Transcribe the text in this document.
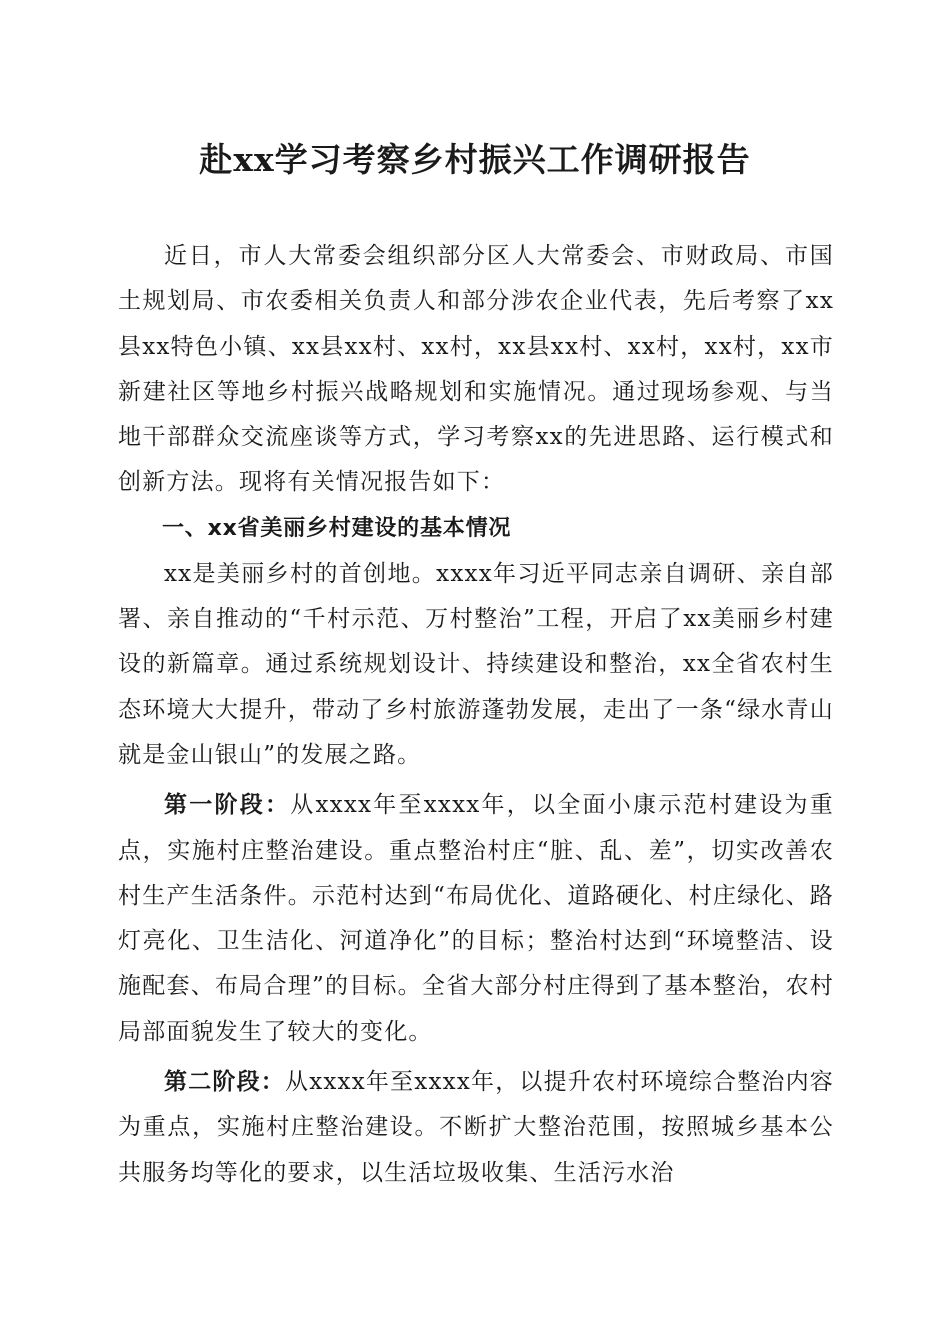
赴xx学习考察乡村振兴工作调研报告

近日，市人大常委会组织部分区人大常委会、市财政局、市国土规划局、市农委相关负责人和部分涉农企业代表，先后考察了xx县xx特色小镇、xx县xx村、xx村，xx县xx村、xx村，xx村，xx市新建社区等地乡村振兴战略规划和实施情况。通过现场参观、与当地干部群众交流座谈等方式，学习考察xx的先进思路、运行模式和创新方法。现将有关情况报告如下：

一、xx省美丽乡村建设的基本情况

xx是美丽乡村的首创地。xxxx年习近平同志亲自调研、亲自部署、亲自推动的“千村示范、万村整治”工程，开启了xx美丽乡村建设的新篇章。通过系统规划设计、持续建设和整治，xx全省农村生态环境大大提升，带动了乡村旅游蓬勃发展，走出了一条“绿水青山就是金山银山”的发展之路。

第一阶段：从xxxx年至xxxx年，以全面小康示范村建设为重点，实施村庄整治建设。重点整治村庄“脏、乱、差”，切实改善农村生产生活条件。示范村达到“布局优化、道路硬化、村庄绿化、路灯亮化、卫生洁化、河道净化”的目标；整治村达到“环境整洁、设施配套、布局合理”的目标。全省大部分村庄得到了基本整治，农村局部面貌发生了较大的变化。

第二阶段：从xxxx年至xxxx年，以提升农村环境综合整治内容为重点，实施村庄整治建设。不断扩大整治范围，按照城乡基本公共服务均等化的要求，以生活垃圾收集、生活污水治
